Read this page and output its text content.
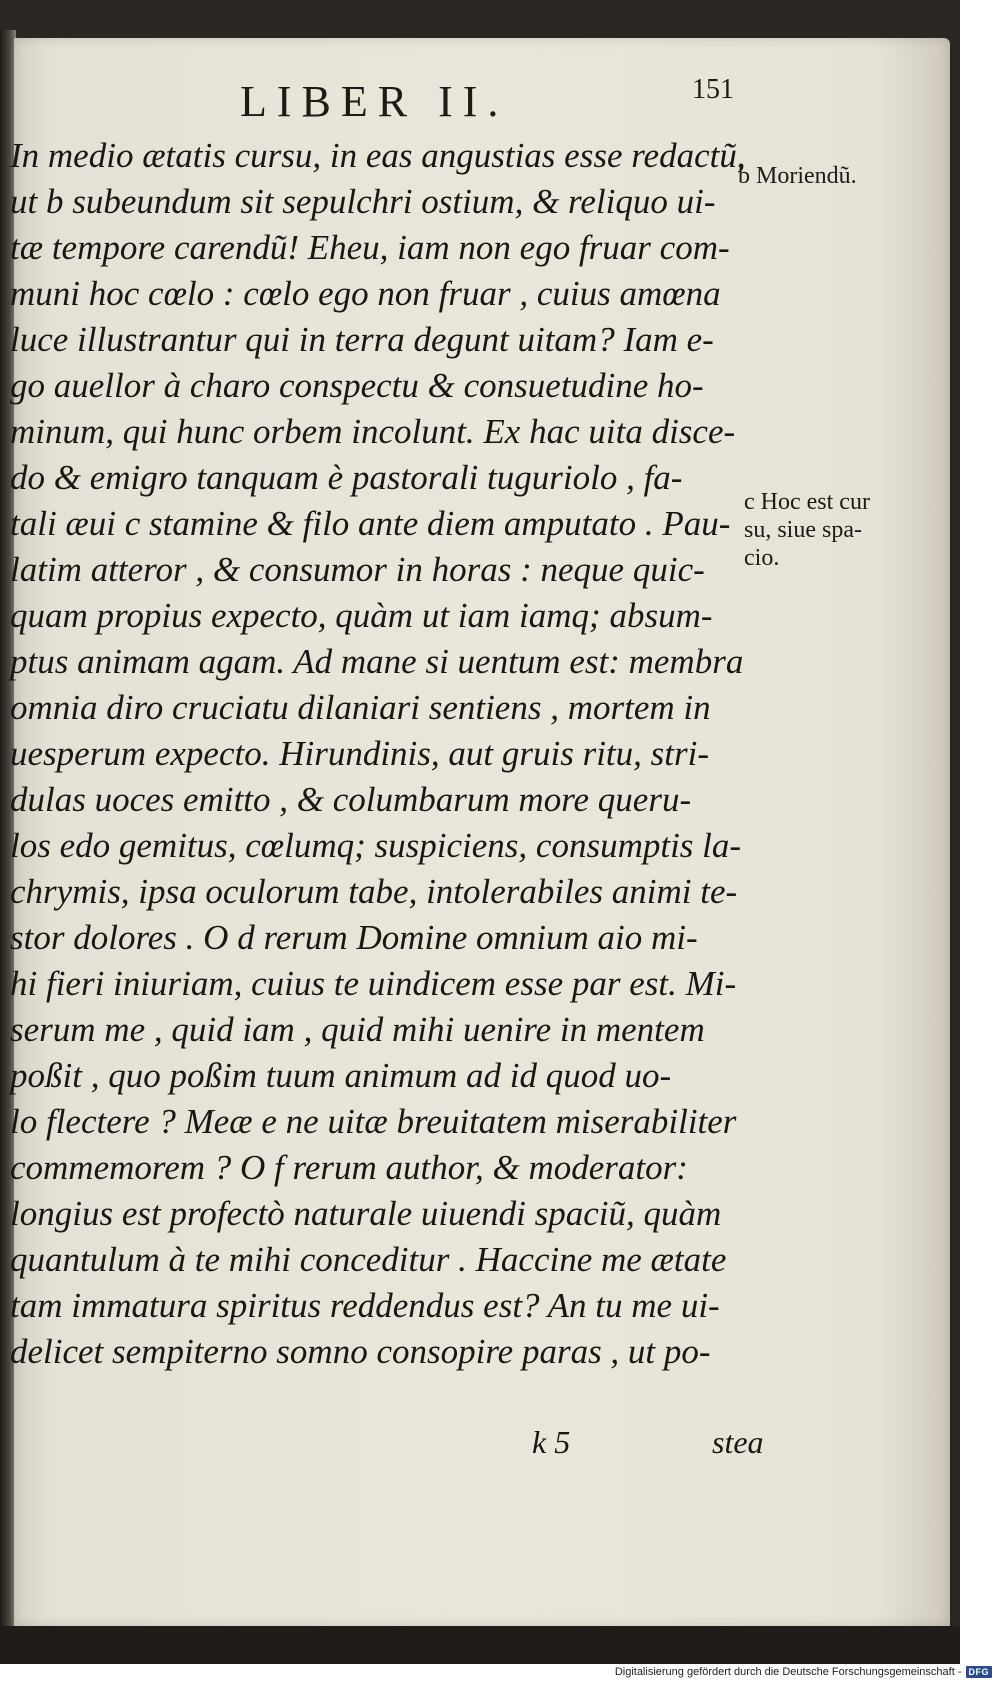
LIBER II.	151
In medio ætatis cursu, in eas angustias esse redactũ,
ut b subeundum sit sepulchri ostium, & reliquo ui-
tæ tempore carendũ! Eheu, iam non ego fruar com-
muni hoc cœlo : cœlo ego non fruar , cuius amœna
luce illustrantur qui in terra degunt uitam? Iam e-
go auellor à charo conspectu & consuetudine ho-
minum, qui hunc orbem incolunt. Ex hac uita disce-
do & emigro tanquam è pastorali tuguriolo , fa-
tali æui c stamine & filo ante diem amputato . Pau-
latim atteror , & consumor in horas : neque quic-
quam propius expecto, quàm ut iam iamq; absum-
ptus animam agam. Ad mane si uentum est: membra
omnia diro cruciatu dilaniari sentiens , mortem in
uesperum expecto. Hirundinis, aut gruis ritu, stri-
dulas uoces emitto , & columbarum more queru-
los edo gemitus, cœlumq; suspiciens, consumptis la-
chrymis, ipsa oculorum tabe, intolerabiles animi te-
stor dolores . O d rerum Domine omnium aio mi-
hi fieri iniuriam, cuius te uindicem esse par est. Mi-
serum me , quid iam , quid mihi uenire in mentem
poßit , quo poßim tuum animum ad id quod uo-
lo flectere ? Meæ e ne uitæ breuitatem miserabiliter
commemorem ? O f rerum author, & moderator:
longius est profectò naturale uiuendi spaciũ, quàm
quantulum à te mihi conceditur . Haccine me ætate
tam immatura spiritus reddendus est? An tu me ui-
delicet sempiterno somno consopire paras , ut po-
b Moriendũ.
c Hoc est cur
su, siue spa-
cio.
k 5	stea
Digitalisierung gefördert durch die Deutsche Forschungsgemeinschaft - DFG
